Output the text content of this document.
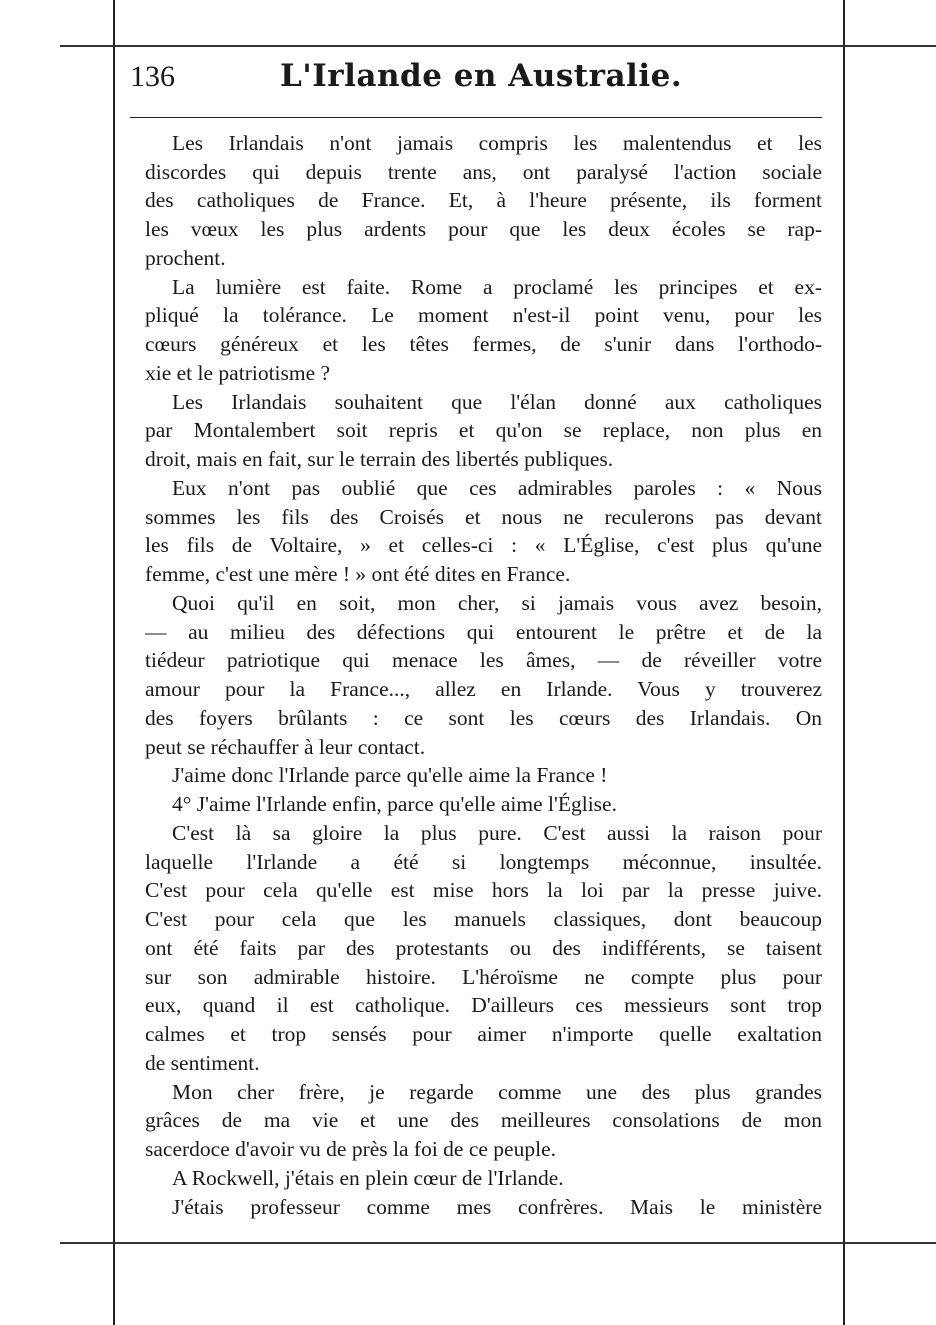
136	L'Irlande en Australie.
Les Irlandais n'ont jamais compris les malentendus et les
discordes qui depuis trente ans, ont paralysé l'action sociale
des catholiques de France. Et, à l'heure présente, ils forment
les vœux les plus ardents pour que les deux écoles se rap-
prochent.
La lumière est faite. Rome a proclamé les principes et ex-
pliqué la tolérance. Le moment n'est-il point venu, pour les
cœurs généreux et les têtes fermes, de s'unir dans l'orthodo-
xie et le patriotisme ?
Les Irlandais souhaitent que l'élan donné aux catholiques
par Montalembert soit repris et qu'on se replace, non plus en
droit, mais en fait, sur le terrain des libertés publiques.
Eux n'ont pas oublié que ces admirables paroles : « Nous
sommes les fils des Croisés et nous ne reculerons pas devant
les fils de Voltaire, » et celles-ci : « L'Église, c'est plus qu'une
femme, c'est une mère ! » ont été dites en France.
Quoi qu'il en soit, mon cher, si jamais vous avez besoin,
— au milieu des défections qui entourent le prêtre et de la
tiédeur patriotique qui menace les âmes, — de réveiller votre
amour pour la France..., allez en Irlande. Vous y trouverez
des foyers brûlants : ce sont les cœurs des Irlandais. On
peut se réchauffer à leur contact.
J'aime donc l'Irlande parce qu'elle aime la France !
4° J'aime l'Irlande enfin, parce qu'elle aime l'Église.
C'est là sa gloire la plus pure. C'est aussi la raison pour
laquelle l'Irlande a été si longtemps méconnue, insultée.
C'est pour cela qu'elle est mise hors la loi par la presse juive.
C'est pour cela que les manuels classiques, dont beaucoup
ont été faits par des protestants ou des indifférents, se taisent
sur son admirable histoire. L'héroïsme ne compte plus pour
eux, quand il est catholique. D'ailleurs ces messieurs sont trop
calmes et trop sensés pour aimer n'importe quelle exaltation
de sentiment.
Mon cher frère, je regarde comme une des plus grandes
grâces de ma vie et une des meilleures consolations de mon
sacerdoce d'avoir vu de près la foi de ce peuple.
A Rockwell, j'étais en plein cœur de l'Irlande.
J'étais professeur comme mes confrères. Mais le ministère
